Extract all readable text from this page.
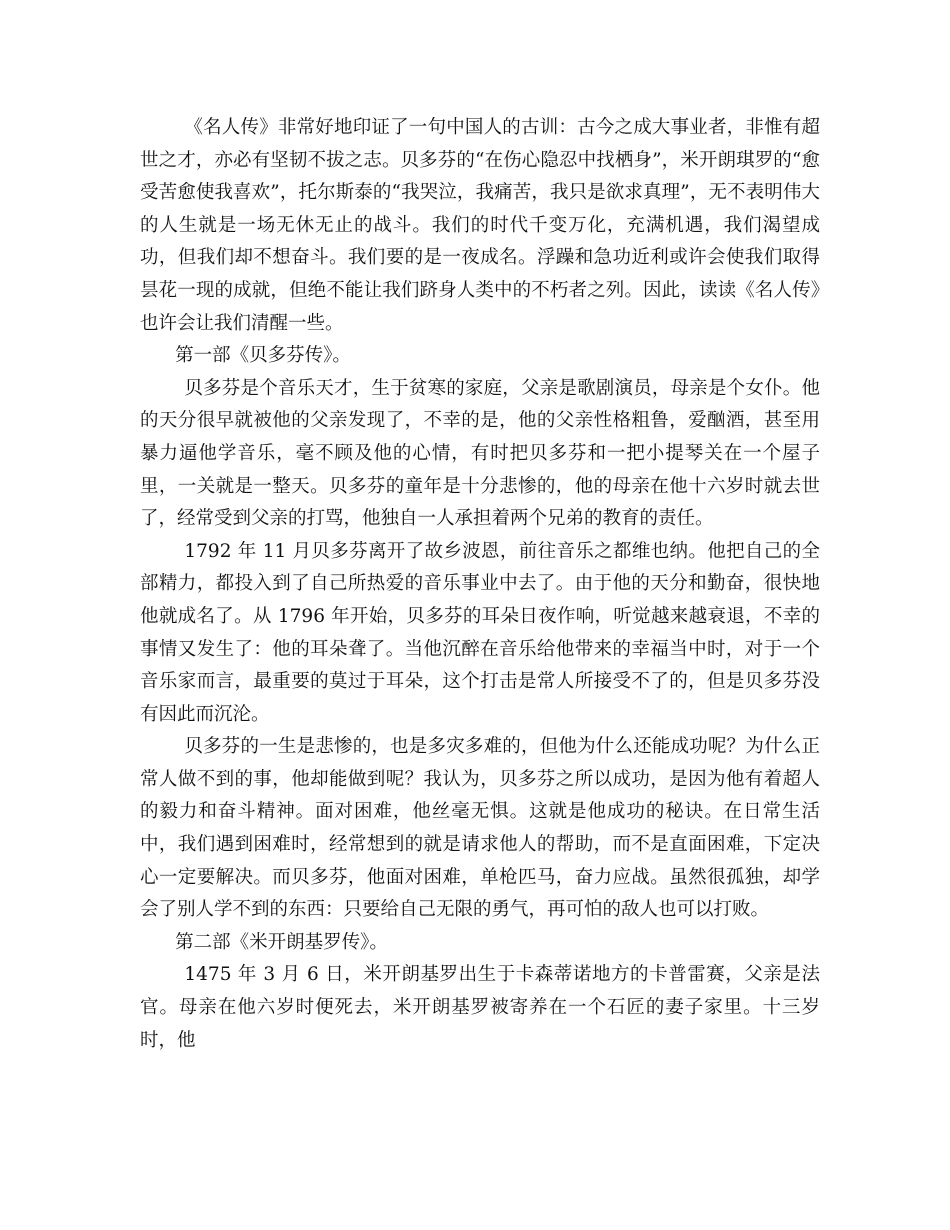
《名人传》非常好地印证了一句中国人的古训：古今之成大事业者，非惟有超世之才，亦必有坚韧不拔之志。贝多芬的“在伤心隐忍中找栖身”，米开朗琪罗的“愈受苦愈使我喜欢”，托尔斯泰的“我哭泣，我痛苦，我只是欲求真理”，无不表明伟大的人生就是一场无休无止的战斗。我们的时代千变万化，充满机遇，我们渴望成功，但我们却不想奋斗。我们要的是一夜成名。浮躁和急功近利或许会使我们取得昙花一现的成就，但绝不能让我们跻身人类中的不朽者之列。因此，读读《名人传》也许会让我们清醒一些。

第一部《贝多芬传》。

贝多芬是个音乐天才，生于贫寒的家庭，父亲是歌剧演员，母亲是个女仆。他的天分很早就被他的父亲发现了，不幸的是，他的父亲性格粗鲁，爱酗酒，甚至用暴力逼他学音乐，毫不顾及他的心情，有时把贝多芬和一把小提琴关在一个屋子里，一关就是一整天。贝多芬的童年是十分悲惨的，他的母亲在他十六岁时就去世了，经常受到父亲的打骂，他独自一人承担着两个兄弟的教育的责任。

1792 年 11 月贝多芬离开了故乡波恩，前往音乐之都维也纳。他把自己的全部精力，都投入到了自己所热爱的音乐事业中去了。由于他的天分和勤奋，很快地他就成名了。从 1796 年开始，贝多芬的耳朵日夜作响，听觉越来越衰退，不幸的事情又发生了：他的耳朵聋了。当他沉醉在音乐给他带来的幸福当中时，对于一个音乐家而言，最重要的莫过于耳朵，这个打击是常人所接受不了的，但是贝多芬没有因此而沉沦。

贝多芬的一生是悲惨的，也是多灾多难的，但他为什么还能成功呢？为什么正常人做不到的事，他却能做到呢？我认为，贝多芬之所以成功，是因为他有着超人的毅力和奋斗精神。面对困难，他丝毫无惧。这就是他成功的秘诀。在日常生活中，我们遇到困难时，经常想到的就是请求他人的帮助，而不是直面困难，下定决心一定要解决。而贝多芬，他面对困难，单枪匹马，奋力应战。虽然很孤独，却学会了别人学不到的东西：只要给自己无限的勇气，再可怕的敌人也可以打败。

第二部《米开朗基罗传》。

1475 年 3 月 6 日，米开朗基罗出生于卡森蒂诺地方的卡普雷赛，父亲是法官。母亲在他六岁时便死去，米开朗基罗被寄养在一个石匠的妻子家里。十三岁时，他
